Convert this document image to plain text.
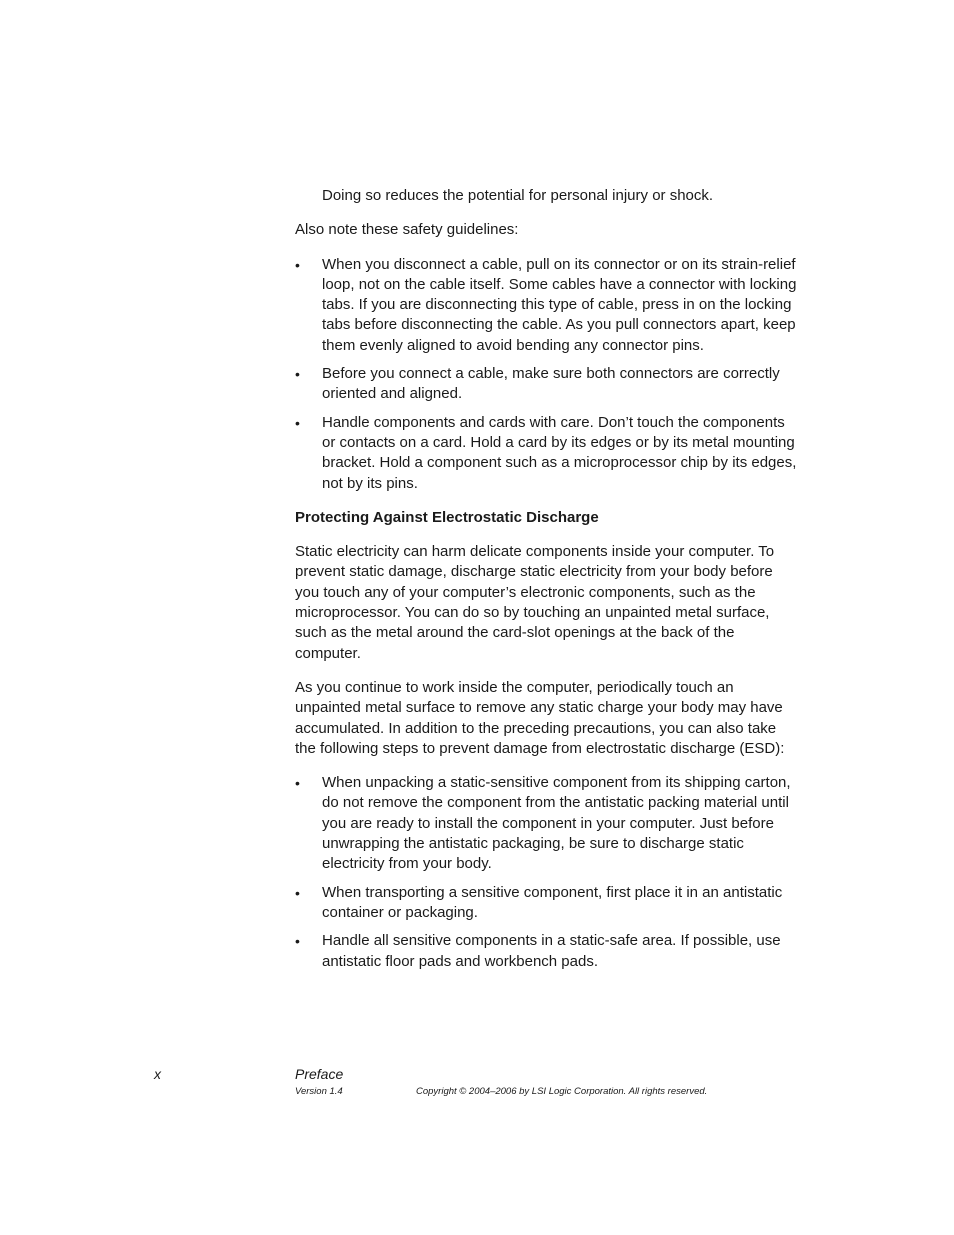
Doing so reduces the potential for personal injury or shock.

Also note these safety guidelines:

• When you disconnect a cable, pull on its connector or on its strain-relief loop, not on the cable itself. Some cables have a connector with locking tabs. If you are disconnecting this type of cable, press in on the locking tabs before disconnecting the cable. As you pull connectors apart, keep them evenly aligned to avoid bending any connector pins.
• Before you connect a cable, make sure both connectors are correctly oriented and aligned.
• Handle components and cards with care. Don’t touch the components or contacts on a card. Hold a card by its edges or by its metal mounting bracket. Hold a component such as a microprocessor chip by its edges, not by its pins.

Protecting Against Electrostatic Discharge

Static electricity can harm delicate components inside your computer. To prevent static damage, discharge static electricity from your body before you touch any of your computer’s electronic components, such as the microprocessor. You can do so by touching an unpainted metal surface, such as the metal around the card-slot openings at the back of the computer.

As you continue to work inside the computer, periodically touch an unpainted metal surface to remove any static charge your body may have accumulated. In addition to the preceding precautions, you can also take the following steps to prevent damage from electrostatic discharge (ESD):

• When unpacking a static-sensitive component from its shipping carton, do not remove the component from the antistatic packing material until you are ready to install the component in your computer. Just before unwrapping the antistatic packaging, be sure to discharge static electricity from your body.
• When transporting a sensitive component, first place it in an antistatic container or packaging.
• Handle all sensitive components in a static-safe area. If possible, use antistatic floor pads and workbench pads.
x	Preface
Version 1.4	Copyright © 2004–2006 by LSI Logic Corporation. All rights reserved.
